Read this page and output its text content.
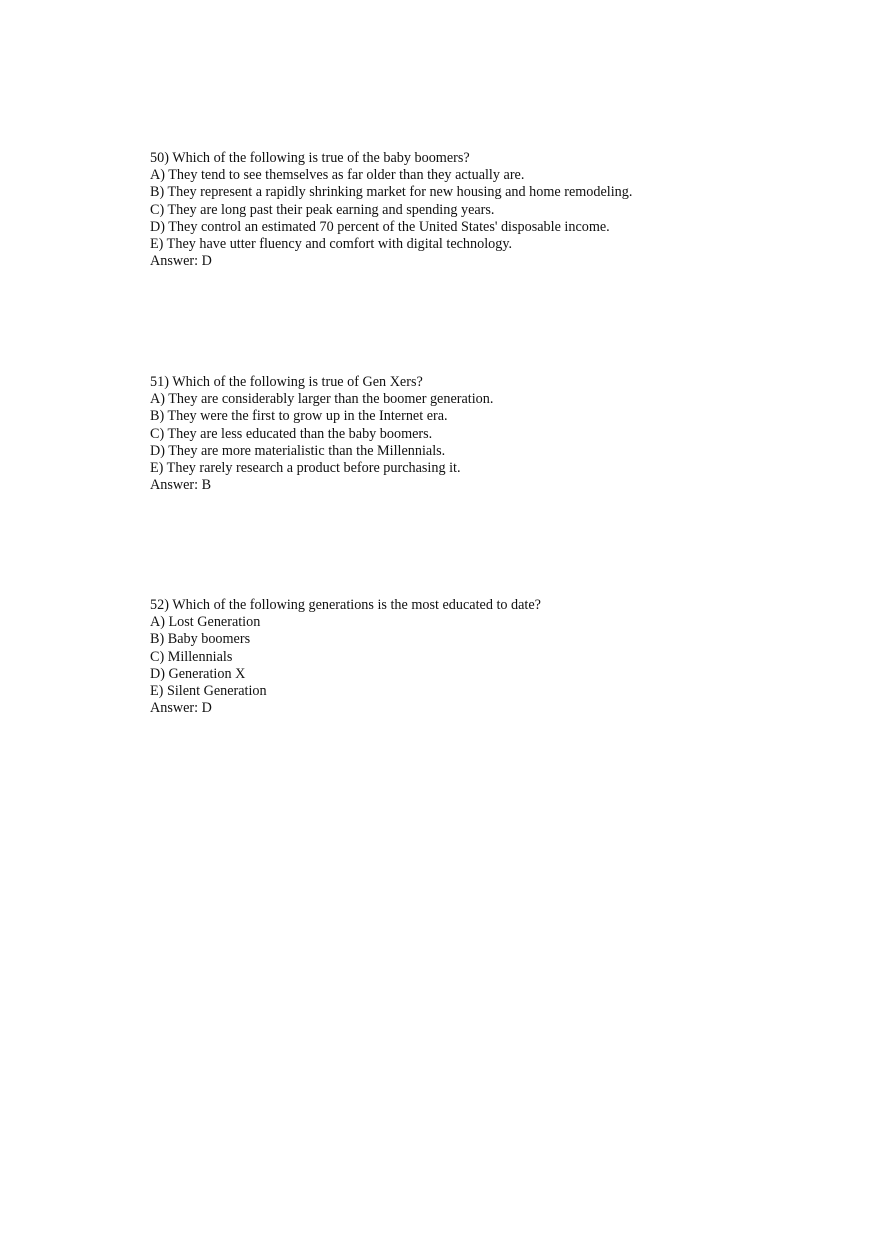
50) Which of the following is true of the baby boomers?
A) They tend to see themselves as far older than they actually are.
B) They represent a rapidly shrinking market for new housing and home remodeling.
C) They are long past their peak earning and spending years.
D) They control an estimated 70 percent of the United States' disposable income.
E) They have utter fluency and comfort with digital technology.
Answer: D
51) Which of the following is true of Gen Xers?
A) They are considerably larger than the boomer generation.
B) They were the first to grow up in the Internet era.
C) They are less educated than the baby boomers.
D) They are more materialistic than the Millennials.
E) They rarely research a product before purchasing it.
Answer: B
52) Which of the following generations is the most educated to date?
A) Lost Generation
B) Baby boomers
C) Millennials
D) Generation X
E) Silent Generation
Answer: D
